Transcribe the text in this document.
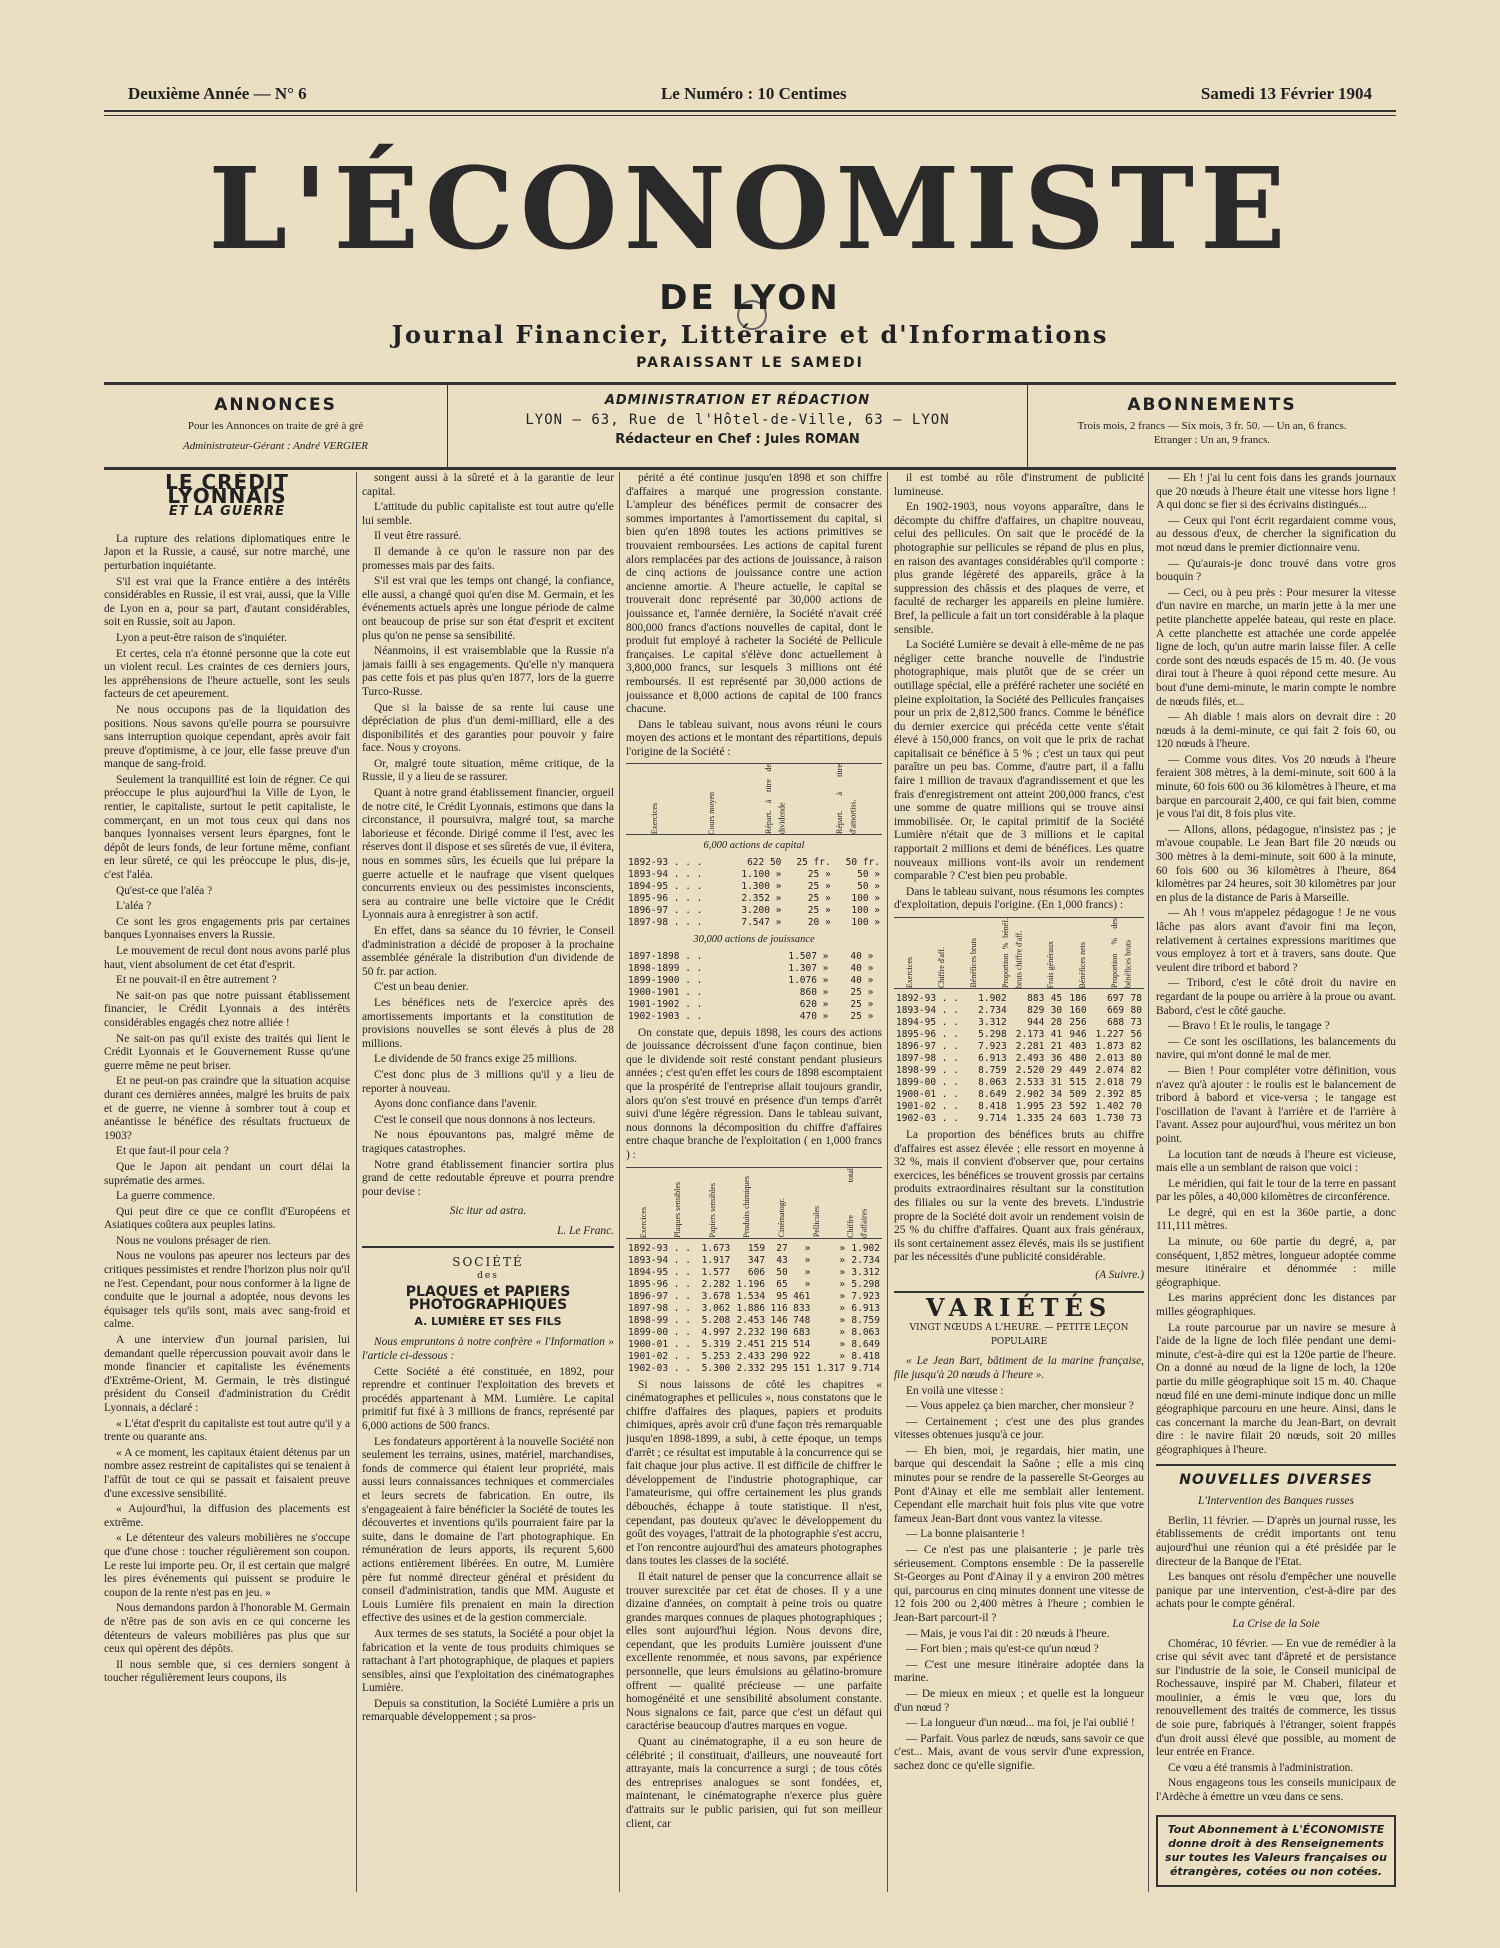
Deuxième Année — N° 6	Le Numéro : 10 Centimes	Samedi 13 Février 1904
L'ÉCONOMISTE
DE LYON
Journal Financier, Littéraire et d'Informations
PARAISSANT LE SAMEDI
ANNONCES
Pour les Annonces on traite de gré à gré
Administrateur-Gérant : André VERGIER
ADMINISTRATION ET RÉDACTION
LYON — 63, Rue de l'Hôtel-de-Ville, 63 — LYON
Rédacteur en Chef : Jules ROMAN
ABONNEMENTS
Trois mois, 2 francs — Six mois, 3 fr. 50. — Un an, 6 francs.
Etranger : Un an, 9 francs.
LE CRÉDIT LYONNAIS
ET LA GUERRE

La rupture des relations diplomatiques entre le Japon et la Russie, a causé, sur notre marché, une perturbation inquiétante.

S'il est vrai que la France entière a des intérêts considérables en Russie, il est vrai, aussi, que la Ville de Lyon en a, pour sa part, d'autant considérables, soit en Russie, soit au Japon.

Lyon a peut-être raison de s'inquiéter.

Et certes, cela n'a étonné personne que la cote eut un violent recul. Les craintes de ces derniers jours, les appréhensions de l'heure actuelle, sont les seuls facteurs de cet apeurement.

Ne nous occupons pas de la liquidation des positions. Nous savons qu'elle pourra se poursuivre sans interruption quoique cependant, après avoir fait preuve d'optimisme, à ce jour, elle fasse preuve d'un manque de sang-froid.

Seulement la tranquillité est loin de régner. Ce qui préoccupe le plus aujourd'hui la Ville de Lyon, le rentier, le capitaliste, surtout le petit capitaliste, le commerçant, en un mot tous ceux qui dans nos banques lyonnaises versent leurs épargnes, font le dépôt de leurs fonds, de leur fortune même, confiant en leur sûreté, ce qui les préoccupe le plus, dis-je, c'est l'aléa.

Qu'est-ce que l'aléa ?

L'aléa ?

Ce sont les gros engagements pris par certaines banques Lyonnaises envers la Russie.

Le mouvement de recul dont nous avons parlé plus haut, vient absolument de cet état d'esprit.

Et ne pouvait-il en être autrement ?

Ne sait-on pas que notre puissant établissement financier, le Crédit Lyonnais a des intérêts considérables engagés chez notre alliée !

Ne sait-on pas qu'il existe des traités qui lient le Crédit Lyonnais et le Gouvernement Russe qu'une guerre même ne peut briser.

Et ne peut-on pas craindre que la situation acquise durant ces dernières années, malgré les bruits de paix et de guerre, ne vienne à sombrer tout à coup et anéantisse le bénéfice des résultats fructueux de 1903?

Et que faut-il pour cela ?

Que le Japon ait pendant un court délai la suprématie des armes.

La guerre commence.

Qui peut dire ce que ce conflit d'Européens et Asiatiques coûtera aux peuples latins.

Nous ne voulons présager de rien.

Nous ne voulons pas apeurer nos lecteurs par des critiques pessimistes et rendre l'horizon plus noir qu'il ne l'est. Cependant, pour nous conformer à la ligne de conduite que le journal a adoptée, nous devons les équisager tels qu'ils sont, mais avec sang-froid et calme.

A une interview d'un journal parisien, lui demandant quelle répercussion pouvait avoir dans le monde financier et capitaliste les événements d'Extrême-Orient, M. Germain, le très distingué président du Conseil d'administration du Crédit Lyonnais, a déclaré :

« L'état d'esprit du capitaliste est tout autre qu'il y a trente ou quarante ans.

« A ce moment, les capitaux étaient détenus par un nombre assez restreint de capitalistes qui se tenaient à l'affût de tout ce qui se passait et faisaient preuve d'une excessive sensibilité.

« Aujourd'hui, la diffusion des placements est extrême.

« Le détenteur des valeurs mobilières ne s'occupe que d'une chose : toucher régulièrement son coupon. Le reste lui importe peu. Or, il est certain que malgré les pires événements qui puissent se produire le coupon de la rente n'est pas en jeu. »

Nous demandons pardon à l'honorable M. Germain de n'être pas de son avis en ce qui concerne les détenteurs de valeurs mobilières pas plus que sur ceux qui opèrent des dépôts.

Il nous semble que, si ces derniers songent à toucher régulièrement leurs coupons, ils

songent aussi à la sûreté et à la garantie de leur capital.

L'attitude du public capitaliste est tout autre qu'elle lui semble.

Il veut être rassuré.

Il demande à ce qu'on le rassure non par des promesses mais par des faits.

S'il est vrai que les temps ont changé, la confiance, elle aussi, a changé quoi qu'en dise M. Germain, et les événements actuels après une longue période de calme ont beaucoup de prise sur son état d'esprit et excitent plus qu'on ne pense sa sensibilité.

Néanmoins, il est vraisemblable que la Russie n'a jamais failli à ses engagements. Qu'elle n'y manquera pas cette fois et pas plus qu'en 1877, lors de la guerre Turco-Russe.

Que si la baisse de sa rente lui cause une dépréciation de plus d'un demi-milliard, elle a des disponibilités et des garanties pour pouvoir y faire face. Nous y croyons.

Or, malgré toute situation, même critique, de la Russie, il y a lieu de se rassurer.

Quant à notre grand établissement financier, orgueil de notre cité, le Crédit Lyonnais, estimons que dans la circonstance, il poursuivra, malgré tout, sa marche laborieuse et féconde. Dirigé comme il l'est, avec les réserves dont il dispose et ses sûretés de vue, il évitera, nous en sommes sûrs, les écueils que lui prépare la guerre actuelle et le naufrage que visent quelques concurrents envieux ou des pessimistes inconscients, sera au contraire une belle victoire que le Crédit Lyonnais aura à enregistrer à son actif.

En effet, dans sa séance du 10 février, le Conseil d'administration a décidé de proposer à la prochaine assemblée générale la distribution d'un dividende de 50 fr. par action.

C'est un beau denier.

Les bénéfices nets de l'exercice après des amortissements importants et la constitution de provisions nouvelles se sont élevés à plus de 28 millions.

Le dividende de 50 francs exige 25 millions.

C'est donc plus de 3 millions qu'il y a lieu de reporter à nouveau.

Ayons donc confiance dans l'avenir.

C'est le conseil que nous donnons à nos lecteurs.

Ne nous épouvantons pas, malgré même de tragiques catastrophes.

Notre grand établissement financier sortira plus grand de cette redoutable épreuve et pourra prendre pour devise :

Sic itur ad astra.
L. Le Franc.
SOCIÉTÉ
des
PLAQUES et PAPIERS PHOTOGRAPHIQUES
A. LUMIÈRE ET SES FILS

Nous empruntons à notre confrère « l'Information » l'article ci-dessous :

Cette Société a été constituée, en 1892, pour reprendre et continuer l'exploitation des brevets et procédés appartenant à MM. Lumière. Le capital primitif fut fixé à 3 millions de francs, représenté par 6,000 actions de 500 francs.

Les fondateurs apportèrent à la nouvelle Société non seulement les terrains, usines, matériel, marchandises, fonds de commerce qui étaient leur propriété, mais aussi leurs connaissances techniques et commerciales et leurs secrets de fabrication. En outre, ils s'engageaient à faire bénéficier la Société de toutes les découvertes et inventions qu'ils pourraient faire par la suite, dans le domaine de l'art photographique. En rémunération de leurs apports, ils reçurent 5,600 actions entièrement libérées. En outre, M. Lumière père fut nommé directeur général et président du conseil d'administration, tandis que MM. Auguste et Louis Lumière fils prenaient en main la direction effective des usines et de la gestion commerciale.

Aux termes de ses statuts, la Société a pour objet la fabrication et la vente de tous produits chimiques se rattachant à l'art photographique, de plaques et papiers sensibles, ainsi que l'exploitation des cinématographes Lumière.

Depuis sa constitution, la Société Lumière a pris un remarquable développement ; sa pros-

périté a été continue jusqu'en 1898 et son chiffre d'affaires a marqué une progression constante. L'ampleur des bénéfices permit de consacrer des sommes importantes à l'amortissement du capital, si bien qu'en 1898 toutes les actions primitives se trouvaient remboursées. Les actions de capital furent alors remplacées par des actions de jouissance, à raison de cinq actions de jouissance contre une action ancienne amortie. A l'heure actuelle, le capital se trouverait donc représenté par 30,000 actions de jouissance et, l'année dernière, la Société n'avait créé 800,000 francs d'actions nouvelles de capital, dont le produit fut employé à racheter la Société de Pellicule françaises. Le capital s'élève donc actuellement à 3,800,000 francs, sur lesquels 3 millions ont été remboursés. Il est représenté par 30,000 actions de jouissance et 8,000 actions de capital de 100 francs chacune.

Dans le tableau suivant, nous avons réuni le cours moyen des actions et le montant des répartitions, depuis l'origine de la Société :

Exercices	Cours moyen	Répart. à titre de dividende	Répart. à titre d'amortiss.
6,000 actions de capital
1892-93 . . .	622 50	25 fr.	50 fr.
1893-94 . . .	1.100 »	25 »	50 »
1894-95 . . .	1.300 »	25 »	50 »
1895-96 . . .	2.352 »	25 »	100 »
1896-97 . . .	3.200 »	25 »	100 »
1897-98 . . .	7.547 »	20 »	100 »
30,000 actions de jouissance
1897-1898 . .	1.507 »	40 »	
1898-1899 . .	1.307 »	40 »	
1899-1900 . .	1.076 »	40 »	
1900-1901 . .	860 »	25 »	
1901-1902 . .	620 »	25 »	
1902-1903 . .	470 »	25 »	

On constate que, depuis 1898, les cours des actions de jouissance décroissent d'une façon continue, bien que le dividende soit resté constant pendant plusieurs années ; c'est qu'en effet les cours de 1898 escomptaient que la prospérité de l'entreprise allait toujours grandir, alors qu'on s'est trouvé en présence d'un temps d'arrêt suivi d'une légère régression. Dans le tableau suivant, nous donnons la décomposition du chiffre d'affaires entre chaque branche de l'exploitation ( en 1,000 francs ) :

Exercices	Plaques sensibles	Papiers sensibles	Produits chimiques	Cinématogr.	Pellicules	Chiffre total d'affaires
1892-93 . .	1.673	159	27	»	»	1.902
1893-94 . .	1.917	347	43	»	»	2.734
1894-95 . .	1.577	606	50	»	»	3.312
1895-96 . .	2.282	1.196	65	»	»	5.298
1896-97 . .	3.678	1.534	95	461	»	7.923
1897-98 . .	3.062	1.886	116	833	»	6.913
1898-99 . .	5.208	2.453	146	748	»	8.759
1899-00 . .	4.997	2.232	190	683	»	8.063
1900-01 . .	5.319	2.451	215	514	»	8.649
1901-02 . .	5.253	2.433	290	922	»	8.418
1902-03 . .	5.300	2.332	295	151	1.317	9.714

Si nous laissons de côté les chapitres « cinématographes et pellicules », nous constatons que le chiffre d'affaires des plaques, papiers et produits chimiques, après avoir crû d'une façon très remarquable jusqu'en 1898-1899, a subi, à cette époque, un temps d'arrêt ; ce résultat est imputable à la concurrence qui se fait chaque jour plus active. Il est difficile de chiffrer le développement de l'industrie photographique, car l'amateurisme, qui offre certainement les plus grands débouchés, échappe à toute statistique. Il n'est, cependant, pas douteux qu'avec le développement du goût des voyages, l'attrait de la photographie s'est accru, et l'on rencontre aujourd'hui des amateurs photographes dans toutes les classes de la société.

Il était naturel de penser que la concurrence allait se trouver surexcitée par cet état de choses. Il y a une dizaine d'années, on comptait à peine trois ou quatre grandes marques connues de plaques photographiques ; elles sont aujourd'hui légion. Nous devons dire, cependant, que les produits Lumière jouissent d'une excellente renommée, et nous savons, par expérience personnelle, que leurs émulsions au gélatino-bromure offrent — qualité précieuse — une parfaite homogénéité et une sensibilité absolument constante. Nous signalons ce fait, parce que c'est un défaut qui caractérise beaucoup d'autres marques en vogue.

Quant au cinématographe, il a eu son heure de célébrité ; il constituait, d'ailleurs, une nouveauté fort attrayante, mais la concurrence a surgi ; de tous côtés des entreprises analogues se sont fondées, et, maintenant, le cinématographe n'exerce plus guère d'attraits sur le public parisien, qui fut son meilleur client, car

il est tombé au rôle d'instrument de publicité lumineuse.

En 1902-1903, nous voyons apparaître, dans le décompte du chiffre d'affaires, un chapitre nouveau, celui des pellicules. On sait que le procédé de la photographie sur pellicules se répand de plus en plus, en raison des avantages considérables qu'il comporte : plus grande légèreté des appareils, grâce à la suppression des châssis et des plaques de verre, et faculté de recharger les appareils en pleine lumière. Bref, la pellicule a fait un tort considérable à la plaque sensible.

La Société Lumière se devait à elle-même de ne pas négliger cette branche nouvelle de l'industrie photographique, mais plutôt que de se créer un outillage spécial, elle a préféré racheter une société en pleine exploitation, la Société des Pellicules françaises pour un prix de 2,812,500 francs. Comme le bénéfice du dernier exercice qui précéda cette vente s'était élevé à 150,000 francs, on voit que le prix de rachat capitalisait ce bénéfice à 5 % ; c'est un taux qui peut paraître un peu bas. Comme, d'autre part, il a fallu faire 1 million de travaux d'agrandissement et que les frais d'enregistrement ont atteint 200,000 francs, c'est une somme de quatre millions qui se trouve ainsi immobilisée. Or, le capital primitif de la Société Lumière n'était que de 3 millions et le capital rapportait 2 millions et demi de bénéfices. Les quatre nouveaux millions vont-ils avoir un rendement comparable ? C'est bien peu probable.

Dans le tableau suivant, nous résumons les comptes d'exploitation, depuis l'origine. (En 1,000 francs) :

Exercices	Chiffre d'aff.	Bénéfices bruts	Proportion % bénéf. bruts chiffre d'aff.	Frais généraux	Bénéfices nets	Proportion % des bénéfices bruts
1892-93 . .	1.902	883	45	186	697	78
1893-94 . .	2.734	829	30	160	669	80
1894-95 . .	3.312	944	28	256	688	73
1895-96 . .	5.298	2.173	41	946	1.227	56
1896-97 . .	7.923	2.281	21	403	1.873	82
1897-98 . .	6.913	2.493	36	480	2.013	80
1898-99 . .	8.759	2.520	29	449	2.074	82
1899-00 . .	8.063	2.533	31	515	2.018	79
1900-01 . .	8.649	2.902	34	509	2.392	85
1901-02 . .	8.418	1.995	23	592	1.402	70
1902-03 . .	9.714	1.335	24	603	1.730	73

La proportion des bénéfices bruts au chiffre d'affaires est assez élevée ; elle ressort en moyenne à 32 %, mais il convient d'observer que, pour certains exercices, les bénéfices se trouvent grossis par certains produits extraordinaires résultant sur la constitution des filiales ou sur la vente des brevets. L'industrie propre de la Société doit avoir un rendement voisin de 25 % du chiffre d'affaires. Quant aux frais généraux, ils sont certainement assez élevés, mais ils se justifient par les nécessités d'une publicité considérable.

(A Suivre.)
VARIÉTÉS
VINGT NŒUDS A L'HEURE. — PETITE LEÇON POPULAIRE

« Le Jean Bart, bâtiment de la marine française, file jusqu'à 20 nœuds à l'heure ».

En voilà une vitesse :

— Vous appelez ça bien marcher, cher monsieur ?

— Certainement ; c'est une des plus grandes vitesses obtenues jusqu'à ce jour.

— Eh bien, moi, je regardais, hier matin, une barque qui descendait la Saône ; elle a mis cinq minutes pour se rendre de la passerelle St-Georges au Pont d'Ainay et elle me semblait aller lentement. Cependant elle marchait huit fois plus vite que votre fameux Jean-Bart dont vous vantez la vitesse.

— La bonne plaisanterie !

— Ce n'est pas une plaisanterie ; je parle très sérieusement. Comptons ensemble : De la passerelle St-Georges au Pont d'Ainay il y a environ 200 mètres qui, parcourus en cinq minutes donnent une vitesse de 12 fois 200 ou 2,400 mètres à l'heure ; combien le Jean-Bart parcourt-il ?

— Mais, je vous l'ai dit : 20 nœuds à l'heure.

— Fort bien ; mais qu'est-ce qu'un nœud ?

— C'est une mesure itinéraire adoptée dans la marine.

— De mieux en mieux ; et quelle est la longueur d'un nœud ?

— La longueur d'un nœud... ma foi, je l'ai oublié !

— Parfait. Vous parlez de nœuds, sans savoir ce que c'est... Mais, avant de vous servir d'une expression, sachez donc ce qu'elle signifie.

— Eh ! j'ai lu cent fois dans les grands journaux que 20 nœuds à l'heure était une vitesse hors ligne ! A qui donc se fier si des écrivains distingués...

— Ceux qui l'ont écrit regardaient comme vous, au dessous d'eux, de chercher la signification du mot nœud dans le premier dictionnaire venu.

— Qu'aurais-je donc trouvé dans votre gros bouquin ?

— Ceci, ou à peu près : Pour mesurer la vitesse d'un navire en marche, un marin jette à la mer une petite planchette appelée bateau, qui reste en place. A cette planchette est attachée une corde appelée ligne de loch, qu'un autre marin laisse filer. A celle corde sont des nœuds espacés de 15 m. 40. (Je vous dirai tout à l'heure à quoi répond cette mesure. Au bout d'une demi-minute, le marin compte le nombre de nœuds filés, et...

— Ah diable ! mais alors on devrait dire : 20 nœuds à la demi-minute, ce qui fait 2 fois 60, ou 120 nœuds à l'heure.

— Comme vous dites. Vos 20 nœuds à l'heure feraient 308 mètres, à la demi-minute, soit 600 à la minute, 60 fois 600 ou 36 kilomètres à l'heure, et ma barque en parcourait 2,400, ce qui fait bien, comme je vous l'ai dit, 8 fois plus vite.

— Allons, allons, pédagogue, n'insistez pas ; je m'avoue coupable. Le Jean Bart file 20 nœuds ou 300 mètres à la demi-minute, soit 600 à la minute, 60 fois 600 ou 36 kilomètres à l'heure, 864 kilomètres par 24 heures, soit 30 kilomètres par jour en plus de la distance de Paris à Marseille.

— Ah ! vous m'appelez pédagogue ! Je ne vous lâche pas alors avant d'avoir fini ma leçon, relativement à certaines expressions maritimes que vous employez à tort et à travers, sans doute. Que veulent dire tribord et babord ?

— Tribord, c'est le côté droit du navire en regardant de la poupe ou arrière à la proue ou avant. Babord, c'est le côté gauche.

— Bravo ! Et le roulis, le tangage ?

— Ce sont les oscillations, les balancements du navire, qui m'ont donné le mal de mer.

— Bien ! Pour compléter votre définition, vous n'avez qu'à ajouter : le roulis est le balancement de tribord à babord et vice-versa ; le tangage est l'oscillation de l'avant à l'arrière et de l'arrière à l'avant. Assez pour aujourd'hui, vous méritez un bon point.

La locution tant de nœuds à l'heure est vicieuse, mais elle a un semblant de raison que voici :

Le méridien, qui fait le tour de la terre en passant par les pôles, a 40,000 kilomètres de circonférence.

Le degré, qui en est la 360e partie, a donc 111,111 mètres.

La minute, ou 60e partie du degré, a, par conséquent, 1,852 mètres, longueur adoptée comme mesure itinéraire et dénommée : mille géographique.

Les marins apprécient donc les distances par milles géographiques.

La route parcourue par un navire se mesure à l'aide de la ligne de loch filée pendant une demi-minute, c'est-à-dire qui est la 120e partie de l'heure. On a donné au nœud de la ligne de loch, la 120e partie du mille géographique soit 15 m. 40. Chaque nœud filé en une demi-minute indique donc un mille géographique parcouru en une heure. Ainsi, dans le cas concernant la marche du Jean-Bart, on devrait dire : le navire filait 20 nœuds, soit 20 milles géographiques à l'heure.

NOUVELLES DIVERSES
L'Intervention des Banques russes

Berlin, 11 février. — D'après un journal russe, les établissements de crédit importants ont tenu aujourd'hui une réunion qui a été présidée par le directeur de la Banque de l'Etat.

Les banques ont résolu d'empêcher une nouvelle panique par une intervention, c'est-à-dire par des achats pour le compte général.

La Crise de la Soie

Chomérac, 10 février. — En vue de remédier à la crise qui sévit avec tant d'âpreté et de persistance sur l'industrie de la soie, le Conseil municipal de Rochessauve, inspiré par M. Chaberi, filateur et moulinier, a émis le vœu que, lors du renouvellement des traités de commerce, les tissus de soie pure, fabriqués à l'étranger, soient frappés d'un droit aussi élevé que possible, au moment de leur entrée en France.

Ce vœu a été transmis à l'administration.

Nous engageons tous les conseils municipaux de l'Ardèche à émettre un vœu dans ce sens.

Tout Abonnement à L'ÉCONOMISTE donne droit à des Renseignements sur toutes les Valeurs françaises ou étrangères, cotées ou non cotées.
